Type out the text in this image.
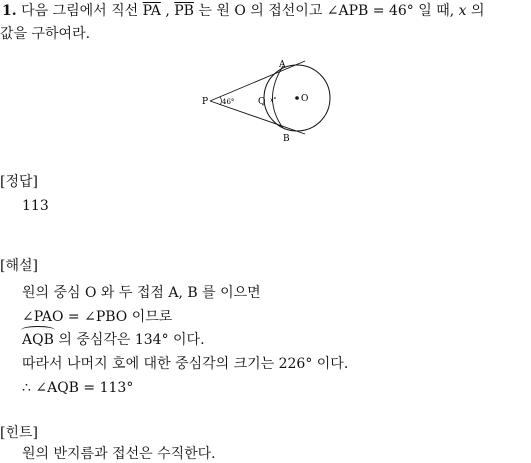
1. 다음 그림에서 직선 $\overline{PA}$ , $\overline{PB}$ 는 원 O 의 접선이고 ∠APB = 46° 일 때, x 의
값을 구하여라.
A
B
P	Q	O
46°	x°
[정답]
113
[해설]
원의 중심 O 와 두 접점 A, B 를 이으면
∠PAO = ∠PBO 이므로
AQB 의 중심각은 134° 이다.
따라서 나머지 호에 대한 중심각의 크기는 226° 이다.
∴ ∠AQB = 113°
[힌트]
원의 반지름과 접선은 수직한다.
